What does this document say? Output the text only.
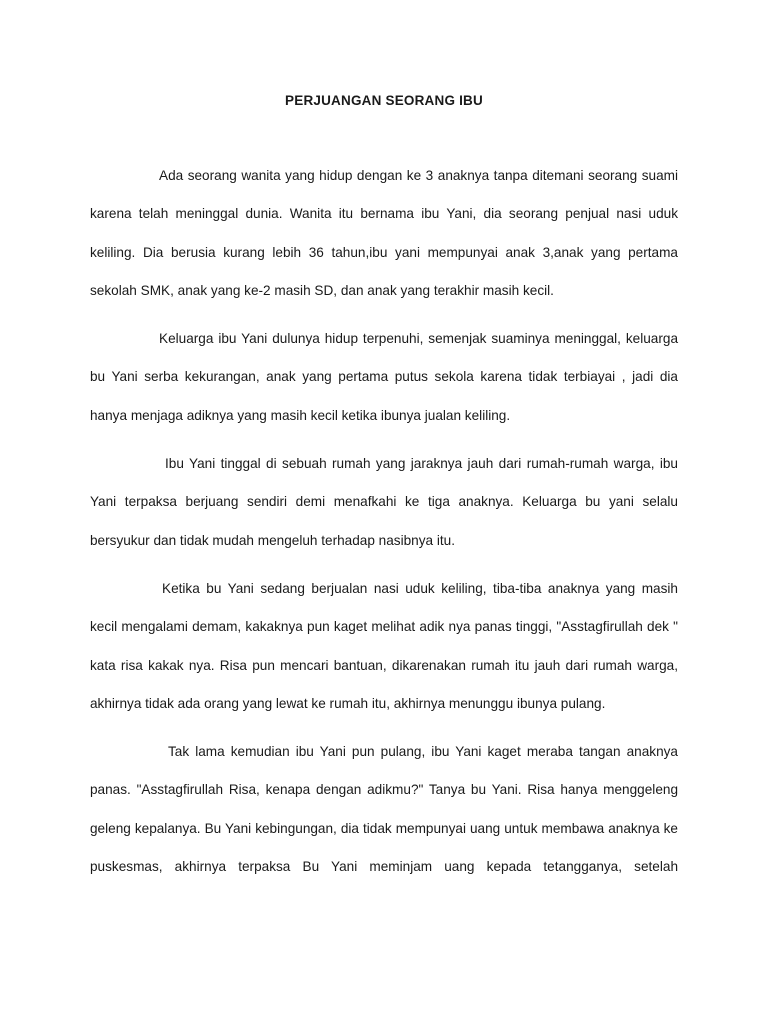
PERJUANGAN SEORANG IBU

Ada seorang wanita yang hidup dengan ke 3 anaknya tanpa ditemani seorang suami karena telah meninggal dunia. Wanita itu bernama ibu Yani, dia seorang penjual nasi uduk keliling. Dia berusia kurang lebih 36 tahun,ibu yani mempunyai anak 3,anak yang pertama sekolah SMK, anak yang ke-2 masih SD, dan anak yang terakhir masih kecil.

Keluarga ibu Yani dulunya hidup terpenuhi, semenjak suaminya meninggal, keluarga bu Yani serba kekurangan, anak yang pertama putus sekola karena tidak terbiayai , jadi dia hanya menjaga adiknya yang masih kecil ketika ibunya jualan keliling.

Ibu Yani tinggal di sebuah rumah yang jaraknya jauh dari rumah-rumah warga, ibu Yani terpaksa berjuang sendiri demi menafkahi ke tiga anaknya. Keluarga bu yani selalu bersyukur dan tidak mudah mengeluh terhadap nasibnya itu.

Ketika bu Yani sedang berjualan nasi uduk keliling, tiba-tiba anaknya yang masih kecil mengalami demam, kakaknya pun kaget melihat adik nya panas tinggi, "Asstagfirullah dek " kata risa kakak nya. Risa pun mencari bantuan, dikarenakan rumah itu jauh dari rumah warga, akhirnya tidak ada orang yang lewat ke rumah itu, akhirnya menunggu ibunya pulang.

Tak lama kemudian ibu Yani pun pulang, ibu Yani kaget meraba tangan anaknya panas. "Asstagfirullah Risa, kenapa dengan adikmu?" Tanya bu Yani. Risa hanya menggeleng geleng kepalanya. Bu Yani kebingungan, dia tidak mempunyai uang untuk membawa anaknya ke puskesmas, akhirnya terpaksa Bu Yani meminjam uang kepada tetangganya, setelah
